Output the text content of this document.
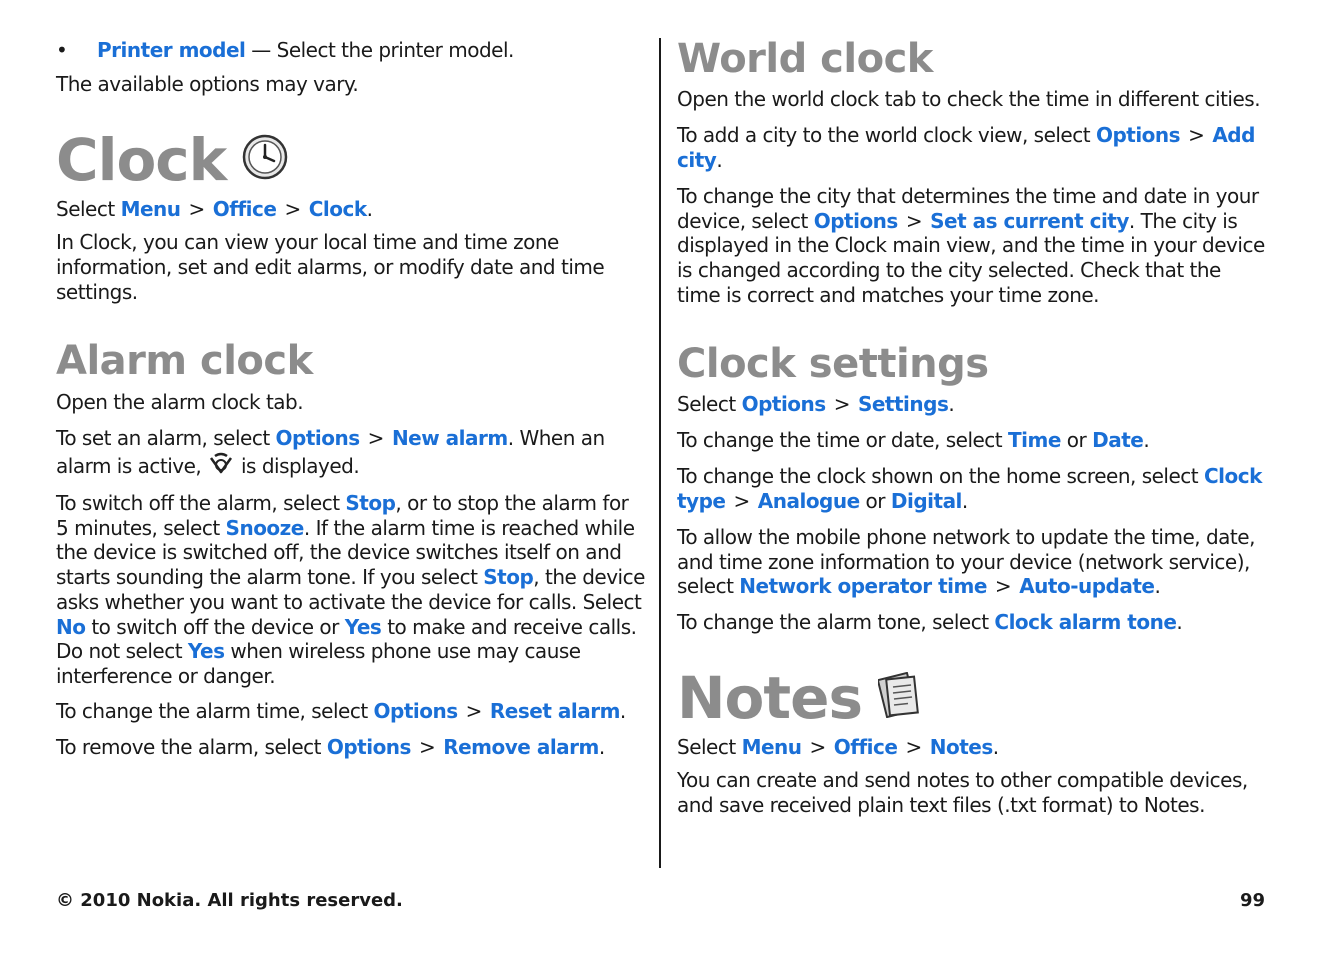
• Printer model — Select the printer model.

The available options may vary.

Clock

Select Menu > Office > Clock.

In Clock, you can view your local time and time zone information, set and edit alarms, or modify date and time settings.

Alarm clock

Open the alarm clock tab.

To set an alarm, select Options > New alarm. When an alarm is active,  is displayed.

To switch off the alarm, select Stop, or to stop the alarm for 5 minutes, select Snooze. If the alarm time is reached while the device is switched off, the device switches itself on and starts sounding the alarm tone. If you select Stop, the device asks whether you want to activate the device for calls. Select No to switch off the device or Yes to make and receive calls. Do not select Yes when wireless phone use may cause interference or danger.

To change the alarm time, select Options > Reset alarm.

To remove the alarm, select Options > Remove alarm.

World clock

Open the world clock tab to check the time in different cities.

To add a city to the world clock view, select Options > Add city.

To change the city that determines the time and date in your device, select Options > Set as current city. The city is displayed in the Clock main view, and the time in your device is changed according to the city selected. Check that the time is correct and matches your time zone.

Clock settings

Select Options > Settings.

To change the time or date, select Time or Date.

To change the clock shown on the home screen, select Clock type > Analogue or Digital.

To allow the mobile phone network to update the time, date, and time zone information to your device (network service), select Network operator time > Auto-update.

To change the alarm tone, select Clock alarm tone.

Notes

Select Menu > Office > Notes.

You can create and send notes to other compatible devices, and save received plain text files (.txt format) to Notes.

© 2010 Nokia. All rights reserved.	99
